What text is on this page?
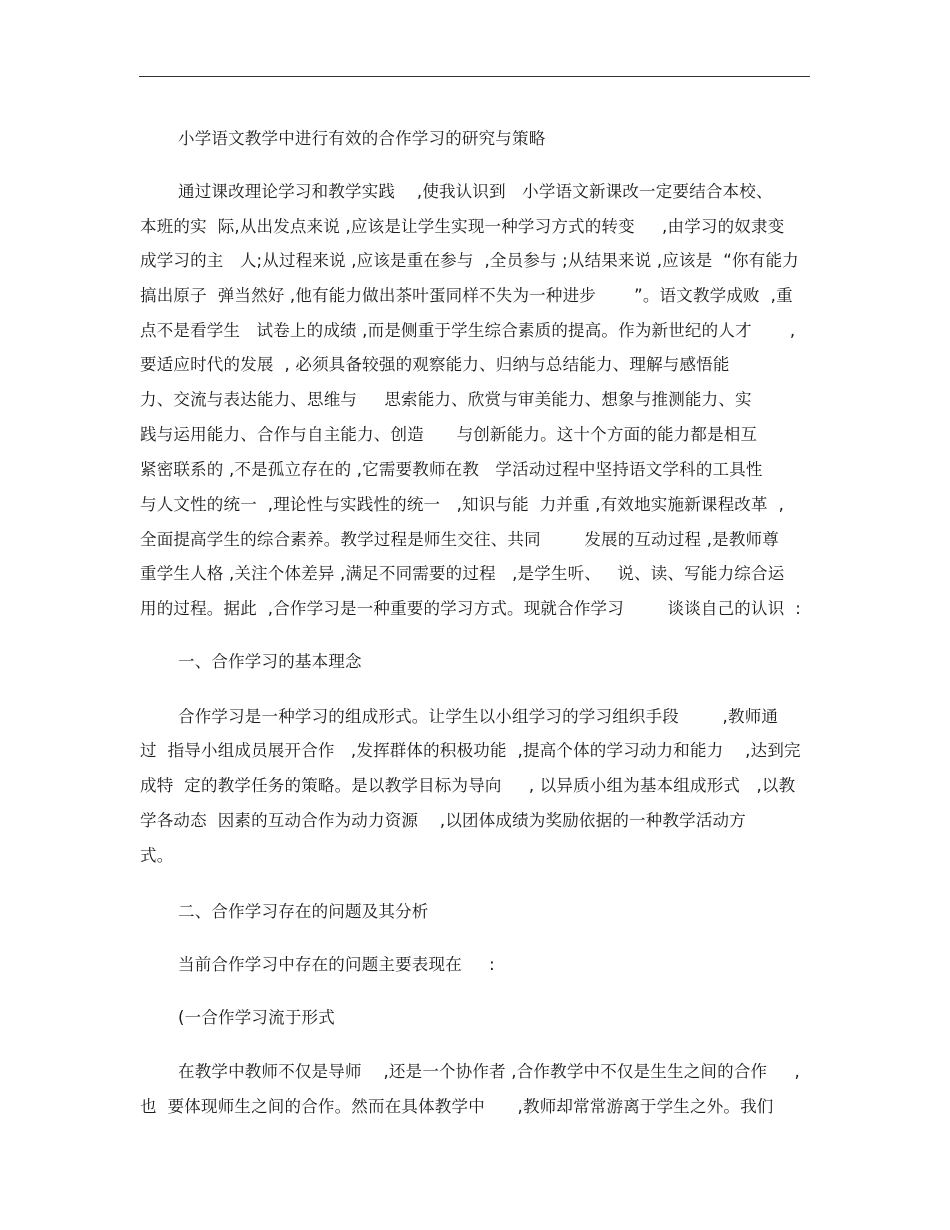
小学语文教学中进行有效的合作学习的研究与策略
通过课改理论学习和教学实践    ,使我认识到   小学语文新课改一定要结合本校、
本班的实  际,从出发点来说 ,应该是让学生实现一种学习方式的转变     ,由学习的奴隶变
成学习的主   人;从过程来说 ,应该是重在参与  ,全员参与 ;从结果来说 ,应该是  “你有能力
搞出原子  弹当然好 ,他有能力做出茶叶蛋同样不失为一种进步       ”。语文教学成败  ,重
点不是看学生   试卷上的成绩 ,而是侧重于学生综合素质的提高。作为新世纪的人才       ,
要适应时代的发展  , 必须具备较强的观察能力、归纳与总结能力、理解与感悟能
力、交流与表达能力、思维与     思索能力、欣赏与审美能力、想象与推测能力、实
践与运用能力、合作与自主能力、创造      与创新能力。这十个方面的能力都是相互
紧密联系的 ,不是孤立存在的 ,它需要教师在教   学活动过程中坚持语文学科的工具性
与人文性的统一  ,理论性与实践性的统一   ,知识与能  力并重 ,有效地实施新课程改革  ,
全面提高学生的综合素养。教学过程是师生交往、共同        发展的互动过程 ,是教师尊
重学生人格 ,关注个体差异 ,满足不同需要的过程   ,是学生听、   说、读、写能力综合运
用的过程。据此  ,合作学习是一种重要的学习方式。现就合作学习        谈谈自己的认识  :
一、合作学习的基本理念
合作学习是一种学习的组成形式。让学生以小组学习的学习组织手段        ,教师通
过  指导小组成员展开合作   ,发挥群体的积极功能  ,提高个体的学习动力和能力    ,达到完
成特  定的教学任务的策略。是以教学目标为导向     , 以异质小组为基本组成形式   ,以教
学各动态  因素的互动合作为动力资源    ,以团体成绩为奖励依据的一种教学活动方
式。
二、合作学习存在的问题及其分析
当前合作学习中存在的问题主要表现在     :
(一合作学习流于形式
在教学中教师不仅是导师    ,还是一个协作者 ,合作教学中不仅是生生之间的合作     ,
也  要体现师生之间的合作。然而在具体教学中      ,教师却常常游离于学生之外。我们
